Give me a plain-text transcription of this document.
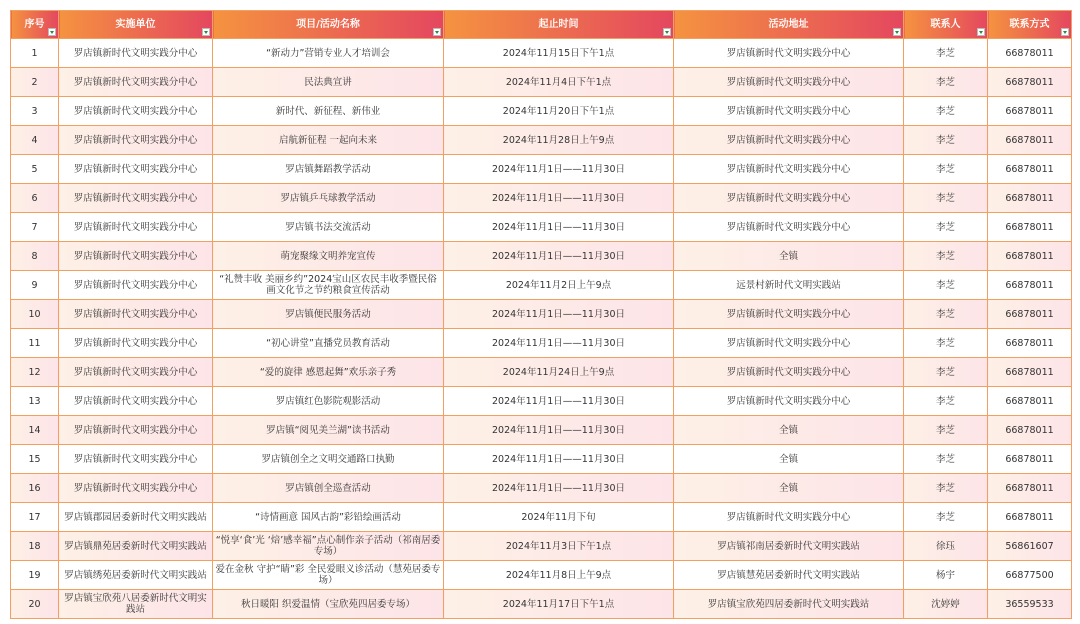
序号	实施单位	项目/活动名称	起止时间	活动地址	联系人	联系方式

1	罗店镇新时代文明实践分中心	“新动力”营销专业人才培训会	2024年11月15日下午1点	罗店镇新时代文明实践分中心	李芝	66878011
2	罗店镇新时代文明实践分中心	民法典宣讲	2024年11月4日下午1点	罗店镇新时代文明实践分中心	李芝	66878011
3	罗店镇新时代文明实践分中心	新时代、新征程、新伟业	2024年11月20日下午1点	罗店镇新时代文明实践分中心	李芝	66878011
4	罗店镇新时代文明实践分中心	启航新征程 一起向未来	2024年11月28日上午9点	罗店镇新时代文明实践分中心	李芝	66878011
5	罗店镇新时代文明实践分中心	罗店镇舞蹈教学活动	2024年11月1日——11月30日	罗店镇新时代文明实践分中心	李芝	66878011
6	罗店镇新时代文明实践分中心	罗店镇乒乓球教学活动	2024年11月1日——11月30日	罗店镇新时代文明实践分中心	李芝	66878011
7	罗店镇新时代文明实践分中心	罗店镇书法交流活动	2024年11月1日——11月30日	罗店镇新时代文明实践分中心	李芝	66878011
8	罗店镇新时代文明实践分中心	萌宠聚缘文明养宠宣传	2024年11月1日——11月30日	全镇	李芝	66878011
9	罗店镇新时代文明实践分中心	“礼赞丰收 美丽乡约”2024宝山区农民丰收季暨民俗画文化节之节约粮食宣传活动	2024年11月2日上午9点	远景村新时代文明实践站	李芝	66878011
10	罗店镇新时代文明实践分中心	罗店镇便民服务活动	2024年11月1日——11月30日	罗店镇新时代文明实践分中心	李芝	66878011
11	罗店镇新时代文明实践分中心	“初心讲堂”直播党员教育活动	2024年11月1日——11月30日	罗店镇新时代文明实践分中心	李芝	66878011
12	罗店镇新时代文明实践分中心	“爱的旋律 感恩起舞”欢乐亲子秀	2024年11月24日上午9点	罗店镇新时代文明实践分中心	李芝	66878011
13	罗店镇新时代文明实践分中心	罗店镇红色影院观影活动	2024年11月1日——11月30日	罗店镇新时代文明实践分中心	李芝	66878011
14	罗店镇新时代文明实践分中心	罗店镇“阅见美兰湖”读书活动	2024年11月1日——11月30日	全镇	李芝	66878011
15	罗店镇新时代文明实践分中心	罗店镇创全之文明交通路口执勤	2024年11月1日——11月30日	全镇	李芝	66878011
16	罗店镇新时代文明实践分中心	罗店镇创全巡查活动	2024年11月1日——11月30日	全镇	李芝	66878011
17	罗店镇郡园居委新时代文明实践站	“诗情画意 国风古韵”彩铅绘画活动	2024年11月下旬	罗店镇新时代文明实践分中心	李芝	66878011
18	罗店镇鼎苑居委新时代文明实践站	“悦享‘食’光 ‘焙’感幸福”点心制作亲子活动（祁南居委专场）	2024年11月3日下午1点	罗店镇祁南居委新时代文明实践站	徐珏	56861607
19	罗店镇绣苑居委新时代文明实践站	爱在金秋 守护“睛”彩 全民爱眼义诊活动（慧苑居委专场）	2024年11月8日上午9点	罗店镇慧苑居委新时代文明实践站	杨宇	66877500
20	罗店镇宝欣苑八居委新时代文明实践站	秋日暖阳 织爱温情（宝欣苑四居委专场）	2024年11月17日下午1点	罗店镇宝欣苑四居委新时代文明实践站	沈婷婷	36559533
